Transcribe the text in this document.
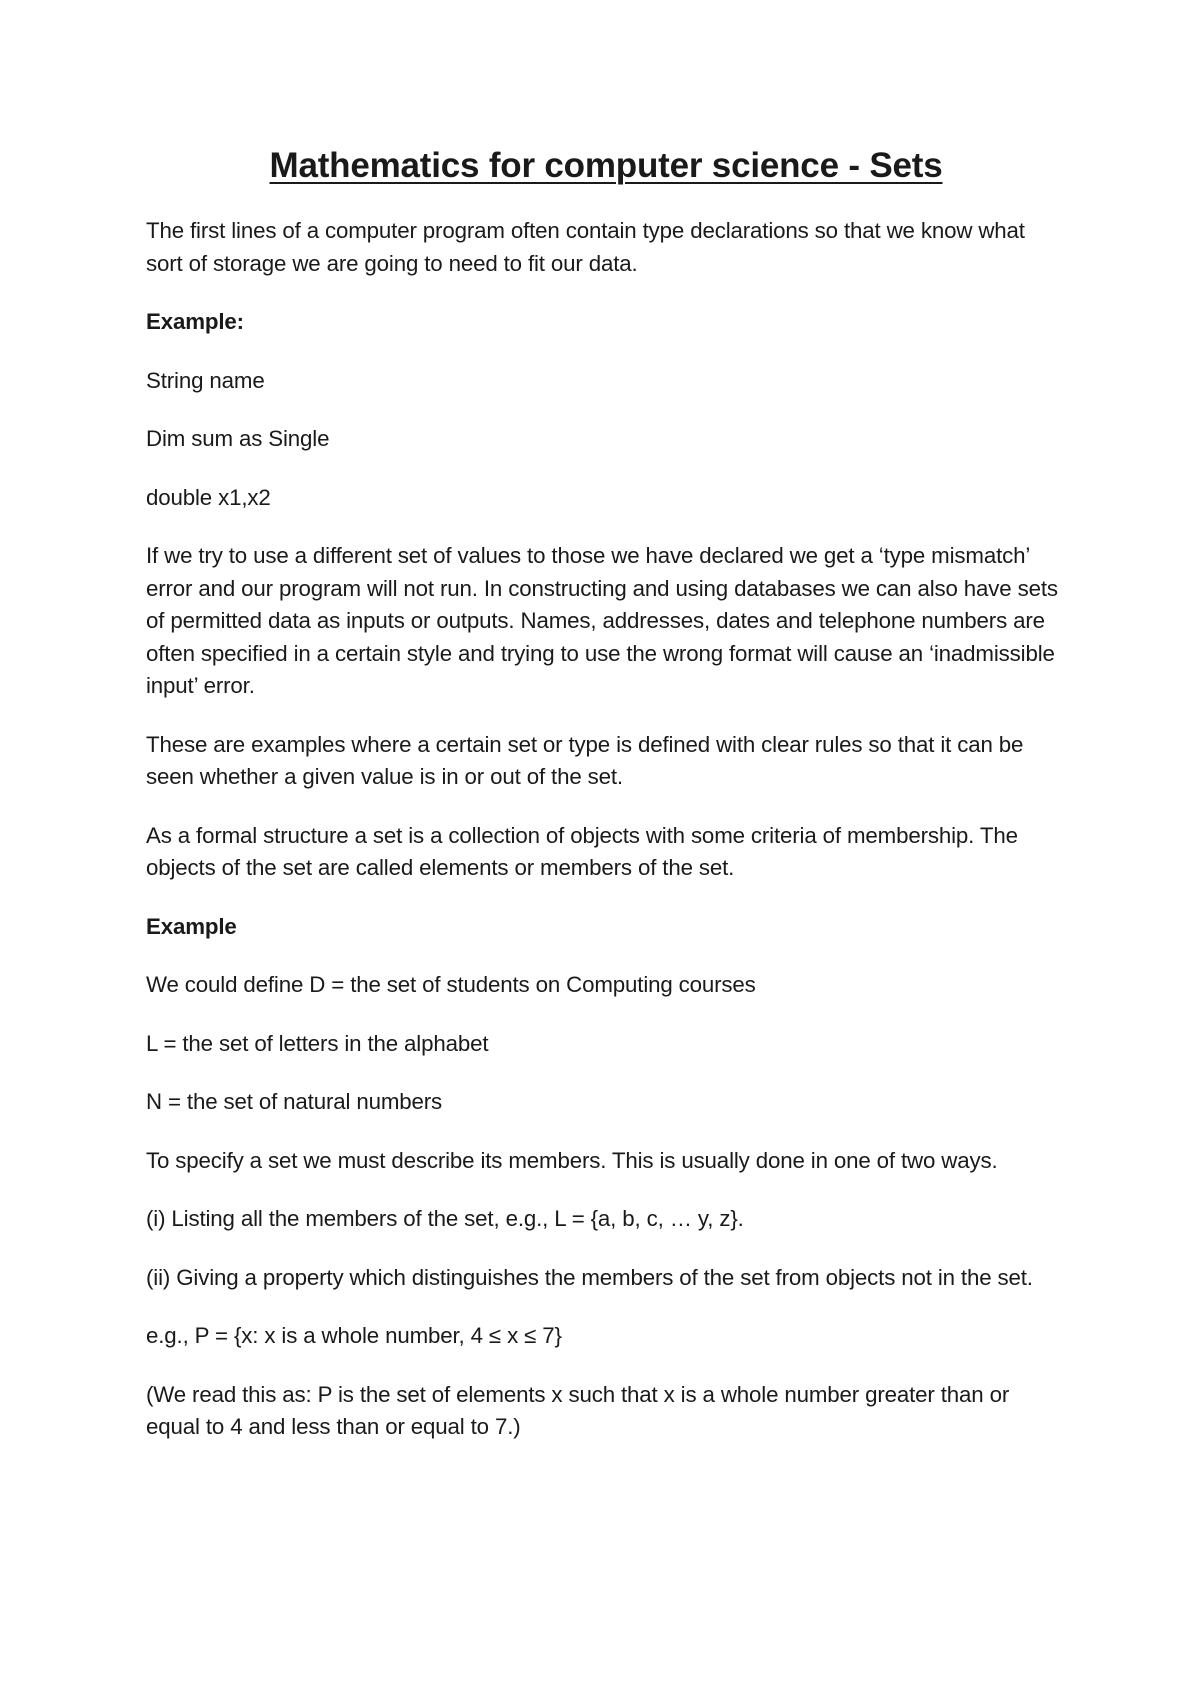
Mathematics for computer science - Sets

The first lines of a computer program often contain type declarations so that we know what sort of storage we are going to need to fit our data.

Example:

String name

Dim sum as Single

double x1,x2

If we try to use a different set of values to those we have declared we get a ‘type mismatch’ error and our program will not run. In constructing and using databases we can also have sets of permitted data as inputs or outputs. Names, addresses, dates and telephone numbers are often specified in a certain style and trying to use the wrong format will cause an ‘inadmissible input’ error.

These are examples where a certain set or type is defined with clear rules so that it can be seen whether a given value is in or out of the set.

As a formal structure a set is a collection of objects with some criteria of membership. The objects of the set are called elements or members of the set.

Example

We could define D = the set of students on Computing courses

L = the set of letters in the alphabet

N = the set of natural numbers

To specify a set we must describe its members. This is usually done in one of two ways.

(i) Listing all the members of the set, e.g., L = {a, b, c, … y, z}.

(ii) Giving a property which distinguishes the members of the set from objects not in the set.

e.g., P = {x: x is a whole number, 4 ≤ x ≤ 7}

(We read this as: P is the set of elements x such that x is a whole number greater than or equal to 4 and less than or equal to 7.)
